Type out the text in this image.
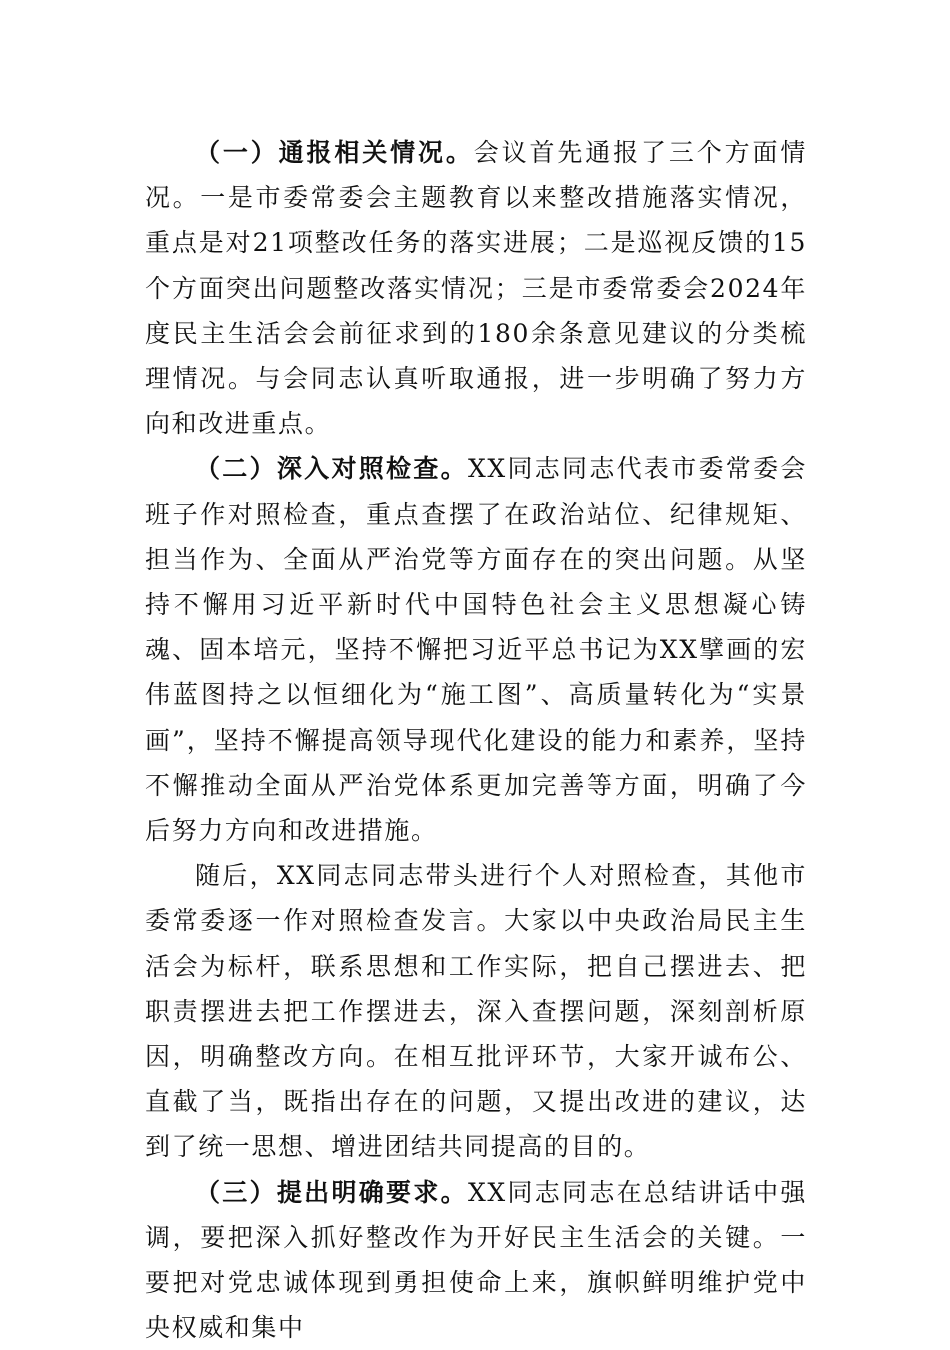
（一）通报相关情况。会议首先通报了三个方面情况。一是市委常委会主题教育以来整改措施落实情况，重点是对21项整改任务的落实进展；二是巡视反馈的15个方面突出问题整改落实情况；三是市委常委会2024年度民主生活会会前征求到的180余条意见建议的分类梳理情况。与会同志认真听取通报，进一步明确了努力方向和改进重点。

（二）深入对照检查。XX同志同志代表市委常委会班子作对照检查，重点查摆了在政治站位、纪律规矩、担当作为、全面从严治党等方面存在的突出问题。从坚持不懈用习近平新时代中国特色社会主义思想凝心铸魂、固本培元，坚持不懈把习近平总书记为XX擘画的宏伟蓝图持之以恒细化为“施工图”、高质量转化为“实景画”，坚持不懈提高领导现代化建设的能力和素养，坚持不懈推动全面从严治党体系更加完善等方面，明确了今后努力方向和改进措施。

随后，XX同志同志带头进行个人对照检查，其他市委常委逐一作对照检查发言。大家以中央政治局民主生活会为标杆，联系思想和工作实际，把自己摆进去、把职责摆进去把工作摆进去，深入查摆问题，深刻剖析原因，明确整改方向。在相互批评环节，大家开诚布公、直截了当，既指出存在的问题，又提出改进的建议，达到了统一思想、增进团结共同提高的目的。

（三）提出明确要求。XX同志同志在总结讲话中强调，要把深入抓好整改作为开好民主生活会的关键。一要把对党忠诚体现到勇担使命上来，旗帜鲜明维护党中央权威和集中
